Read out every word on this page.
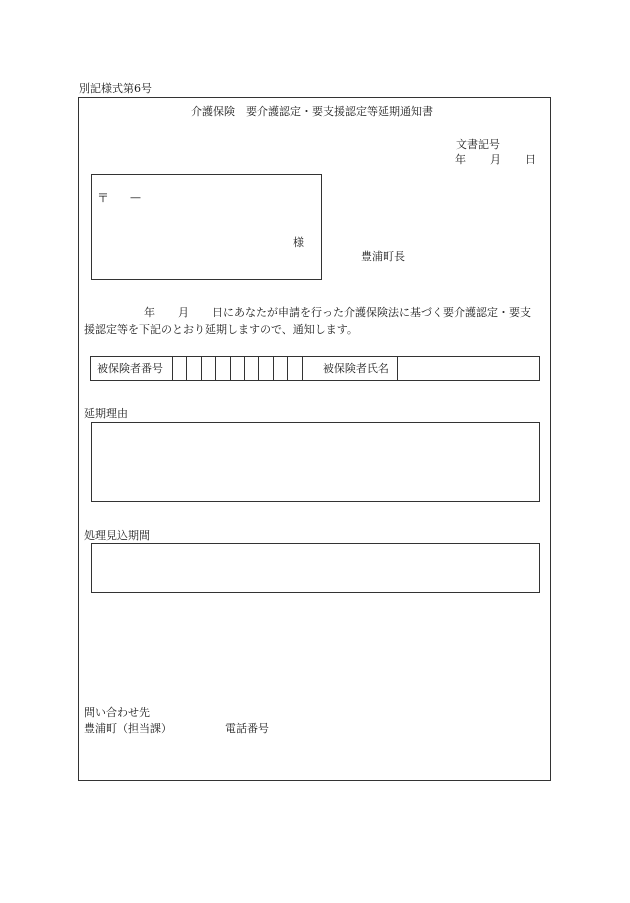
別記様式第6号
介護保険　要介護認定・要支援認定等延期通知書
文書記号
年 月 日
〒 —
様
豊浦町長
年 月 日にあなたが申請を行った介護保険法に基づく要介護認定・要支
援認定等を下記のとおり延期しますので、通知します。
被保険者番号	被保険者氏名
延期理由
処理見込期間
問い合わせ先
豊浦町（担当課）	電話番号
